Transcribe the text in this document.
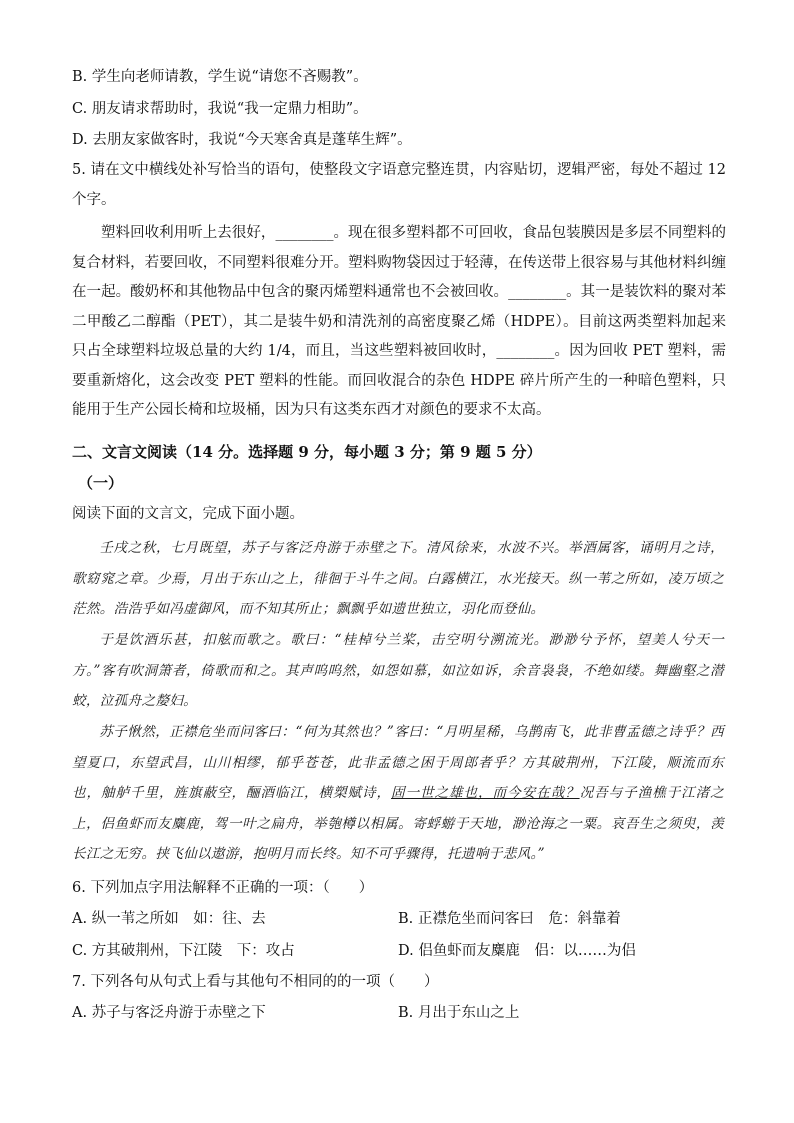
B. 学生向老师请教，学生说“请您不吝赐教”。
C. 朋友请求帮助时，我说“我一定鼎力相助”。
D. 去朋友家做客时，我说“今天寒舍真是蓬荜生辉”。
5. 请在文中横线处补写恰当的语句，使整段文字语意完整连贯，内容贴切，逻辑严密，每处不超过 12 个字。
塑料回收利用听上去很好，________。现在很多塑料都不可回收，食品包装膜因是多层不同塑料的复合材料，若要回收，不同塑料很难分开。塑料购物袋因过于轻薄，在传送带上很容易与其他材料纠缠在一起。酸奶杯和其他物品中包含的聚丙烯塑料通常也不会被回收。________。其一是装饮料的聚对苯二甲酸乙二醇酯（PET），其二是装牛奶和清洗剂的高密度聚乙烯（HDPE）。目前这两类塑料加起来只占全球塑料垃圾总量的大约 1/4，而且，当这些塑料被回收时，________。因为回收 PET 塑料，需要重新熔化，这会改变 PET 塑料的性能。而回收混合的杂色 HDPE 碎片所产生的一种暗色塑料，只能用于生产公园长椅和垃圾桶，因为只有这类东西才对颜色的要求不太高。
二、文言文阅读（14 分。选择题 9 分，每小题 3 分；第 9 题 5 分）
（一）
阅读下面的文言文，完成下面小题。
壬戌之秋，七月既望，苏子与客泛舟游于赤壁之下。清风徐来，水波不兴。举酒属客，诵明月之诗，歌窈窕之章。少焉，月出于东山之上，徘徊于斗牛之间。白露横江，水光接天。纵一苇之所如，凌万顷之茫然。浩浩乎如冯虚御风，而不知其所止；飘飘乎如遗世独立，羽化而登仙。
于是饮酒乐甚，扣舷而歌之。歌曰：“桂棹兮兰桨，击空明兮溯流光。渺渺兮予怀，望美人兮天一方。”客有吹洞箫者，倚歌而和之。其声呜呜然，如怨如慕，如泣如诉，余音袅袅，不绝如缕。舞幽壑之潜蛟，泣孤舟之嫠妇。
苏子愀然，正襟危坐而问客曰：“何为其然也？”客曰：“月明星稀，乌鹊南飞，此非曹孟德之诗乎？西望夏口，东望武昌，山川相缪，郁乎苍苍，此非孟德之困于周郎者乎？方其破荆州，下江陵，顺流而东也，舳舻千里，旌旗蔽空，酾酒临江，横槊赋诗，固一世之雄也，而今安在哉？况吾与子渔樵于江渚之上，侣鱼虾而友麋鹿，驾一叶之扁舟，举匏樽以相属。寄蜉蝣于天地，渺沧海之一粟。哀吾生之须臾，羡长江之无穷。挟飞仙以遨游，抱明月而长终。知不可乎骤得，托遗响于悲风。”
6. 下列加点字用法解释不正确的一项：（　　）
A. 纵一苇之所如　如：往、去	B. 正襟危坐而问客曰　危：斜靠着
C. 方其破荆州，下江陵　下：攻占	D. 侣鱼虾而友麋鹿　侣：以……为侣
7. 下列各句从句式上看与其他句不相同的的一项（　　）
A. 苏子与客泛舟游于赤壁之下	B. 月出于东山之上
